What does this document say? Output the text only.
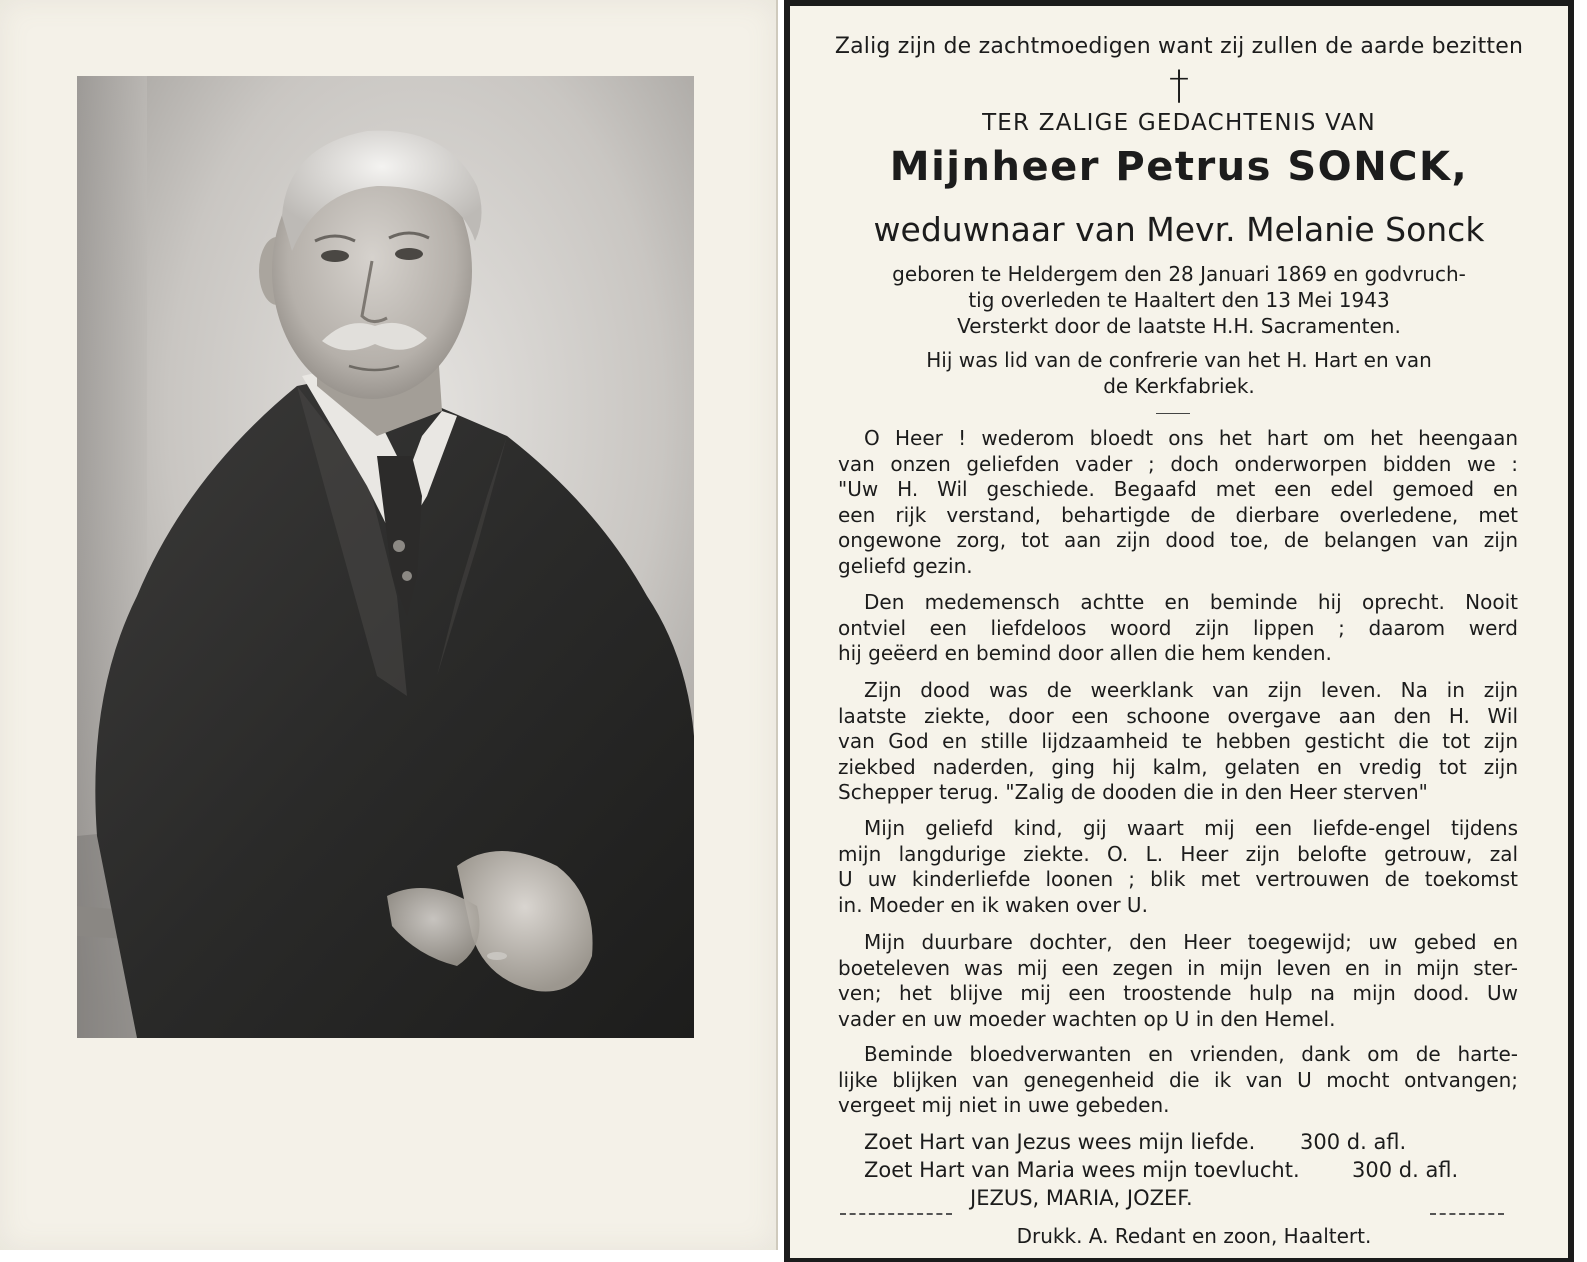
Zalig zijn de zachtmoedigen want zij zullen de aarde bezitten
†
TER ZALIGE GEDACHTENIS VAN
Mijnheer Petrus SONCK,
weduwnaar van Mevr. Melanie Sonck
geboren te Heldergem den 28 Januari 1869 en godvruch-
tig overleden te Haaltert den 13 Mei 1943
Versterkt door de laatste H.H. Sacramenten.
Hij was lid van de confrerie van het H. Hart en van
de Kerkfabriek.
O Heer ! wederom bloedt ons het hart om het heengaan
van onzen geliefden vader ; doch onderworpen bidden we :
"Uw H. Wil geschiede. Begaafd met een edel gemoed en
een rijk verstand, behartigde de dierbare overledene, met
ongewone zorg, tot aan zijn dood toe, de belangen van zijn
geliefd gezin.
Den medemensch achtte en beminde hij oprecht. Nooit
ontviel een liefdeloos woord zijn lippen ; daarom werd
hij geëerd en bemind door allen die hem kenden.
Zijn dood was de weerklank van zijn leven. Na in zijn
laatste ziekte, door een schoone overgave aan den H. Wil
van God en stille lijdzaamheid te hebben gesticht die tot zijn
ziekbed naderden, ging hij kalm, gelaten en vredig tot zijn
Schepper terug. "Zalig de dooden die in den Heer sterven"
Mijn geliefd kind, gij waart mij een liefde-engel tijdens
mijn langdurige ziekte. O. L. Heer zijn belofte getrouw, zal
U uw kinderliefde loonen ; blik met vertrouwen de toekomst
in. Moeder en ik waken over U.
Mijn duurbare dochter, den Heer toegewijd; uw gebed en
boeteleven was mij een zegen in mijn leven en in mijn ster-
ven; het blijve mij een troostende hulp na mijn dood. Uw
vader en uw moeder wachten op U in den Hemel.
Beminde bloedverwanten en vrienden, dank om de harte-
lijke blijken van genegenheid die ik van U mocht ontvangen;
vergeet mij niet in uwe gebeden.
Zoet Hart van Jezus wees mijn liefde. 300 d. afl.
Zoet Hart van Maria wees mijn toevlucht. 300 d. afl.
JEZUS, MARIA, JOZEF.
Drukk. A. Redant en zoon, Haaltert.
